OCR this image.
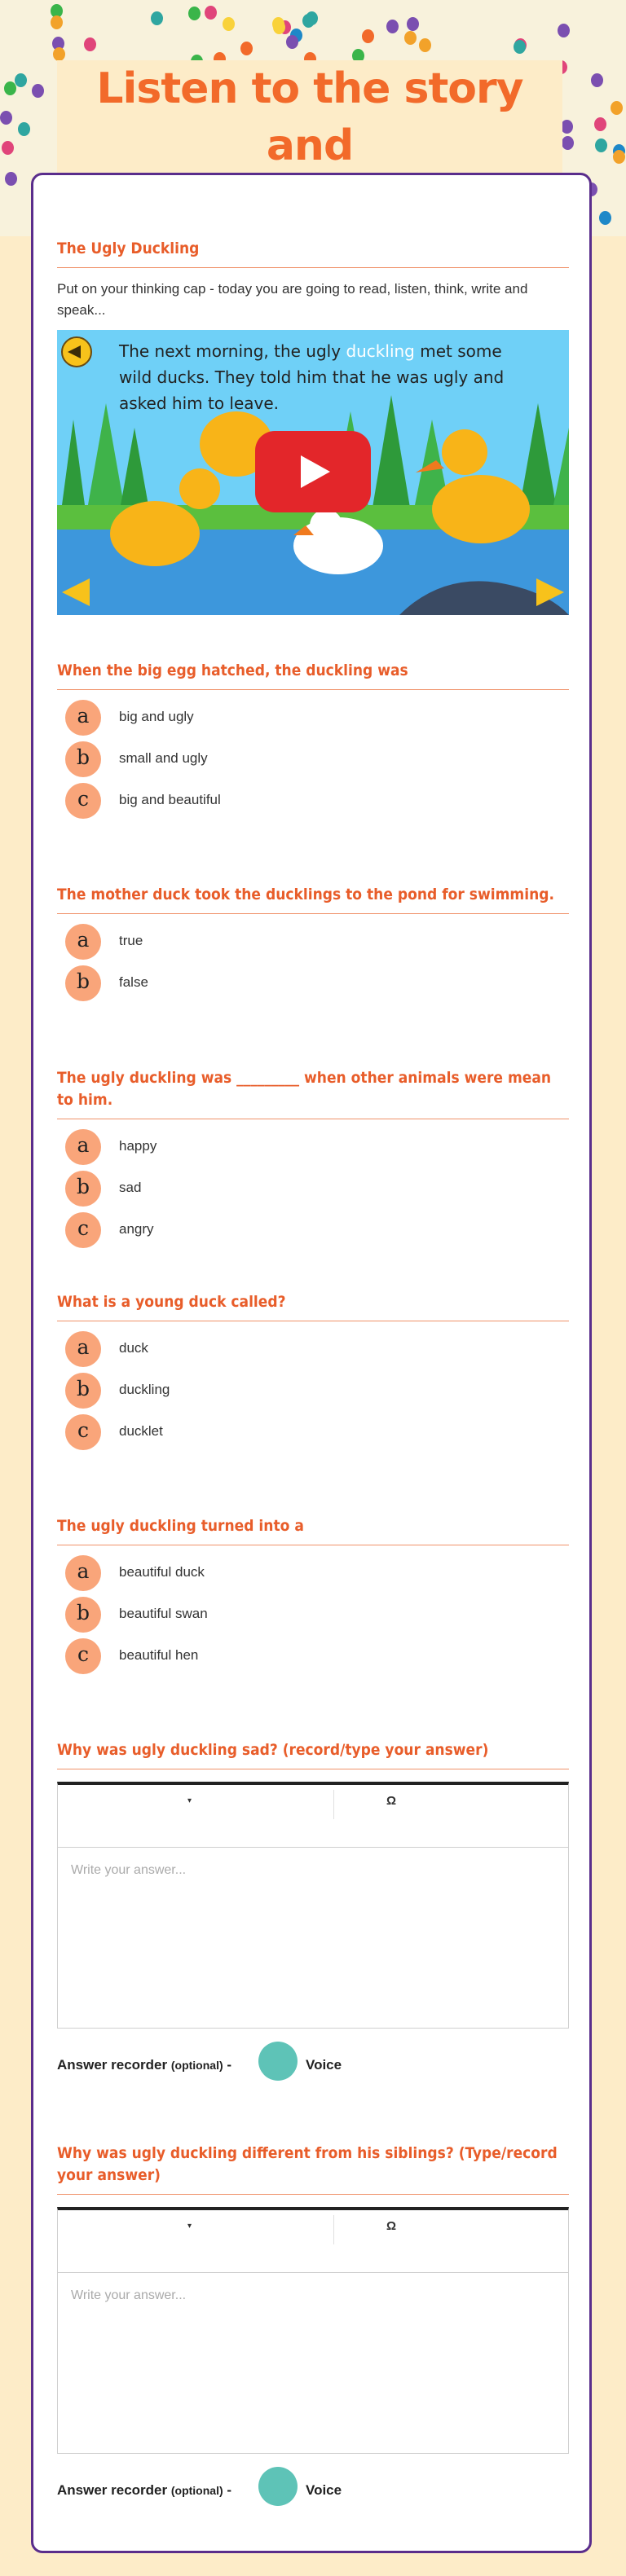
Listen to the story and
The Ugly Duckling
Put on your thinking cap - today you are going to read, listen, think, write and speak...
The next morning, the ugly duckling met some wild ducks. They told him that he was ugly and asked him to leave.
When the big egg hatched, the duckling was
a	big and ugly
b	small and ugly
c	big and beautiful
The mother duck took the ducklings to the pond for swimming.
a	true
b	false
The ugly duckling was _________ when other animals were mean to him.
a	happy
b	sad
c	angry
What is a young duck called?
a	duck
b	duckling
c	ducklet
The ugly duckling turned into a
a	beautiful duck
b	beautiful swan
c	beautiful hen
Why was ugly duckling sad? (record/type your answer)
▾	Ω
Write your answer...
Answer recorder (optional) -	Voice
Why was ugly duckling different from his siblings? (Type/record your answer)
▾	Ω
Write your answer...
Answer recorder (optional) -	Voice
